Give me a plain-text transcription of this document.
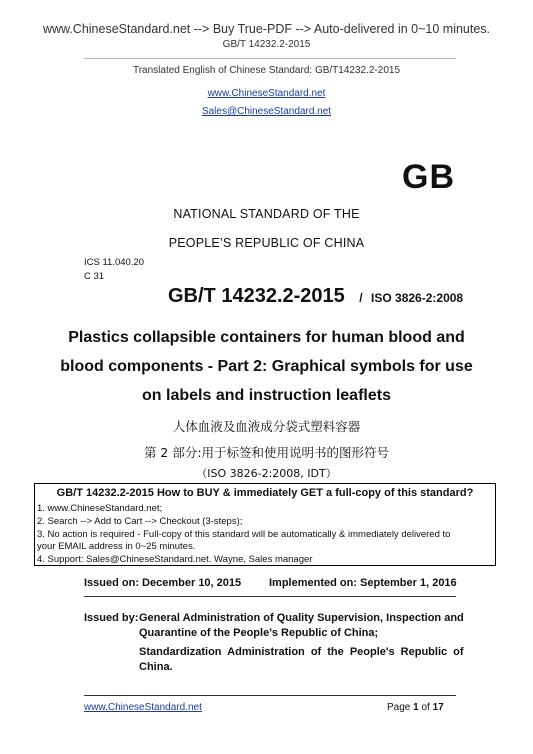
www.ChineseStandard.net --> Buy True-PDF --> Auto-delivered in 0~10 minutes.
GB/T 14232.2-2015
Translated English of Chinese Standard: GB/T14232.2-2015
www.ChineseStandard.net
Sales@ChineseStandard.net
GB
NATIONAL STANDARD OF THE
PEOPLE’S REPUBLIC OF CHINA
ICS 11.040.20
C 31
GB/T 14232.2-2015 / ISO 3826-2:2008
Plastics collapsible containers for human blood and
blood components - Part 2: Graphical symbols for use
on labels and instruction leaflets
人体血液及血液成分袋式塑料容器
第 2 部分:用于标签和使用说明书的图形符号
（ISO 3826-2:2008, IDT）
GB/T 14232.2-2015 How to BUY & immediately GET a full-copy of this standard?
1. www.ChineseStandard.net;
2. Search --> Add to Cart --> Checkout (3-steps);
3. No action is required - Full-copy of this standard will be automatically & immediately delivered to
your EMAIL address in 0~25 minutes.
4. Support: Sales@ChineseStandard.net. Wayne, Sales manager
Issued on: December 10, 2015	Implemented on: September 1, 2016
Issued by: General Administration of Quality Supervision, Inspection and
Quarantine of the People’s Republic of China;
Standardization Administration of the People's Republic of
China.
www.ChineseStandard.net	Page 1 of 17
